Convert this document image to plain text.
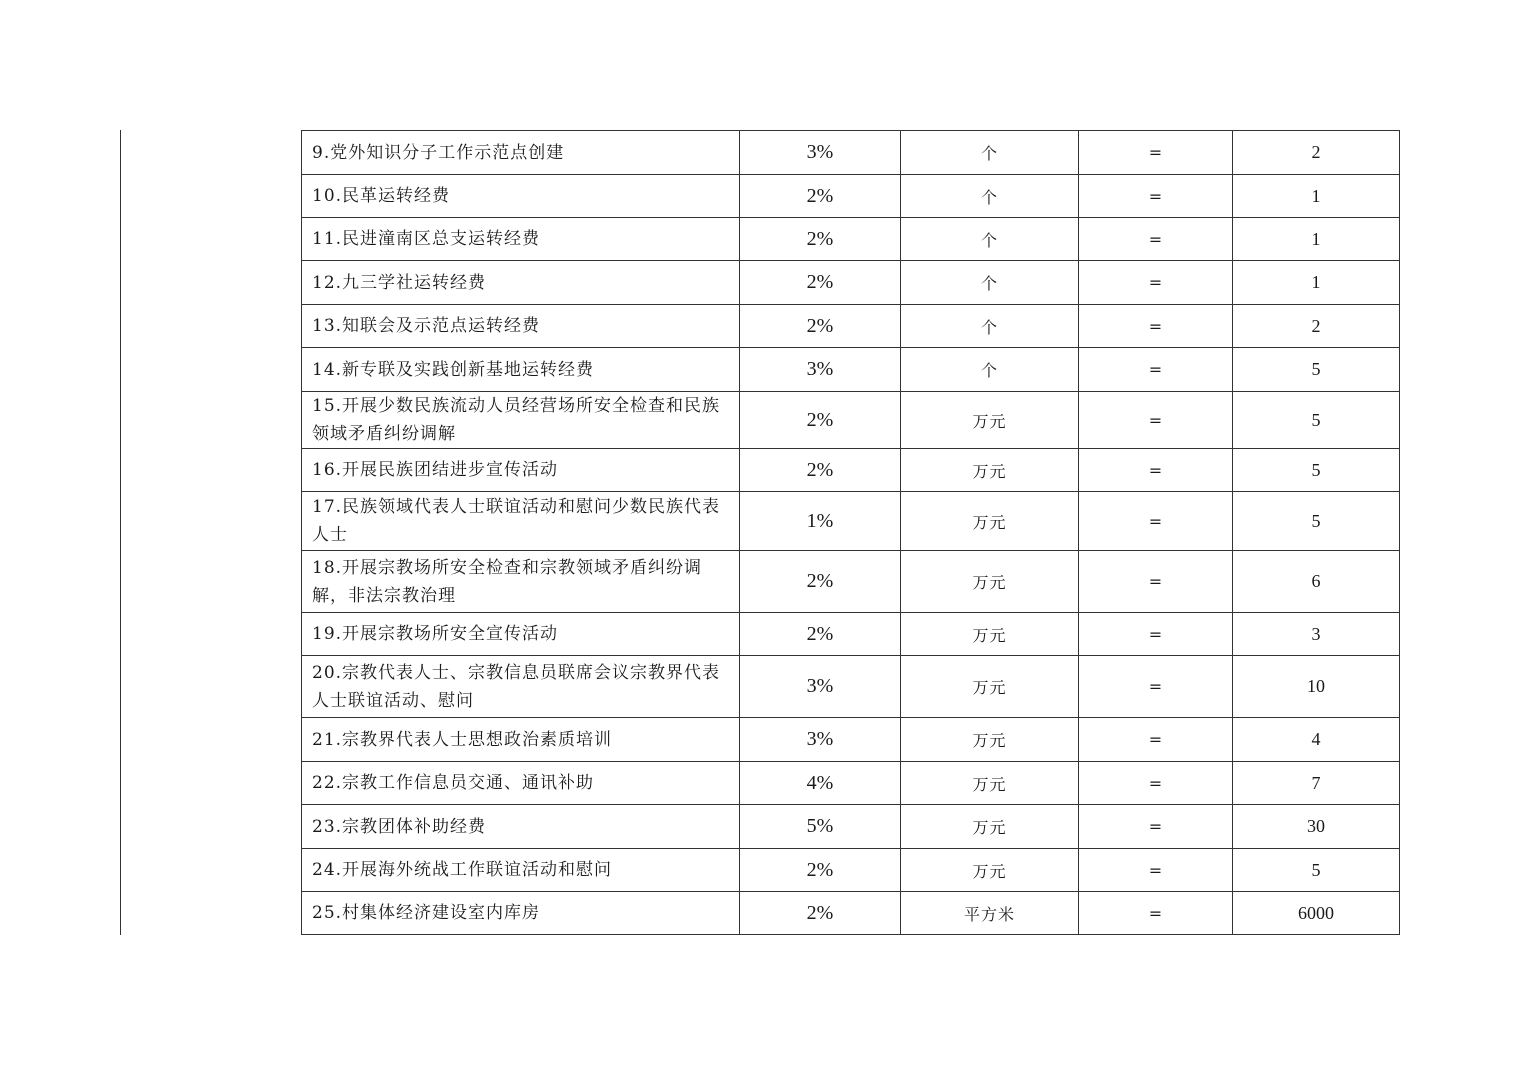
9.党外知识分子工作示范点创建	3%	个	=	2
10.民革运转经费	2%	个	=	1
11.民进潼南区总支运转经费	2%	个	=	1
12.九三学社运转经费	2%	个	=	1
13.知联会及示范点运转经费	2%	个	=	2
14.新专联及实践创新基地运转经费	3%	个	=	5
15.开展少数民族流动人员经营场所安全检查和民族领域矛盾纠纷调解	2%	万元	=	5
16.开展民族团结进步宣传活动	2%	万元	=	5
17.民族领域代表人士联谊活动和慰问少数民族代表人士	1%	万元	=	5
18.开展宗教场所安全检查和宗教领域矛盾纠纷调解，非法宗教治理	2%	万元	=	6
19.开展宗教场所安全宣传活动	2%	万元	=	3
20.宗教代表人士、宗教信息员联席会议宗教界代表人士联谊活动、慰问	3%	万元	=	10
21.宗教界代表人士思想政治素质培训	3%	万元	=	4
22.宗教工作信息员交通、通讯补助	4%	万元	=	7
23.宗教团体补助经费	5%	万元	=	30
24.开展海外统战工作联谊活动和慰问	2%	万元	=	5
25.村集体经济建设室内库房	2%	平方米	=	6000
